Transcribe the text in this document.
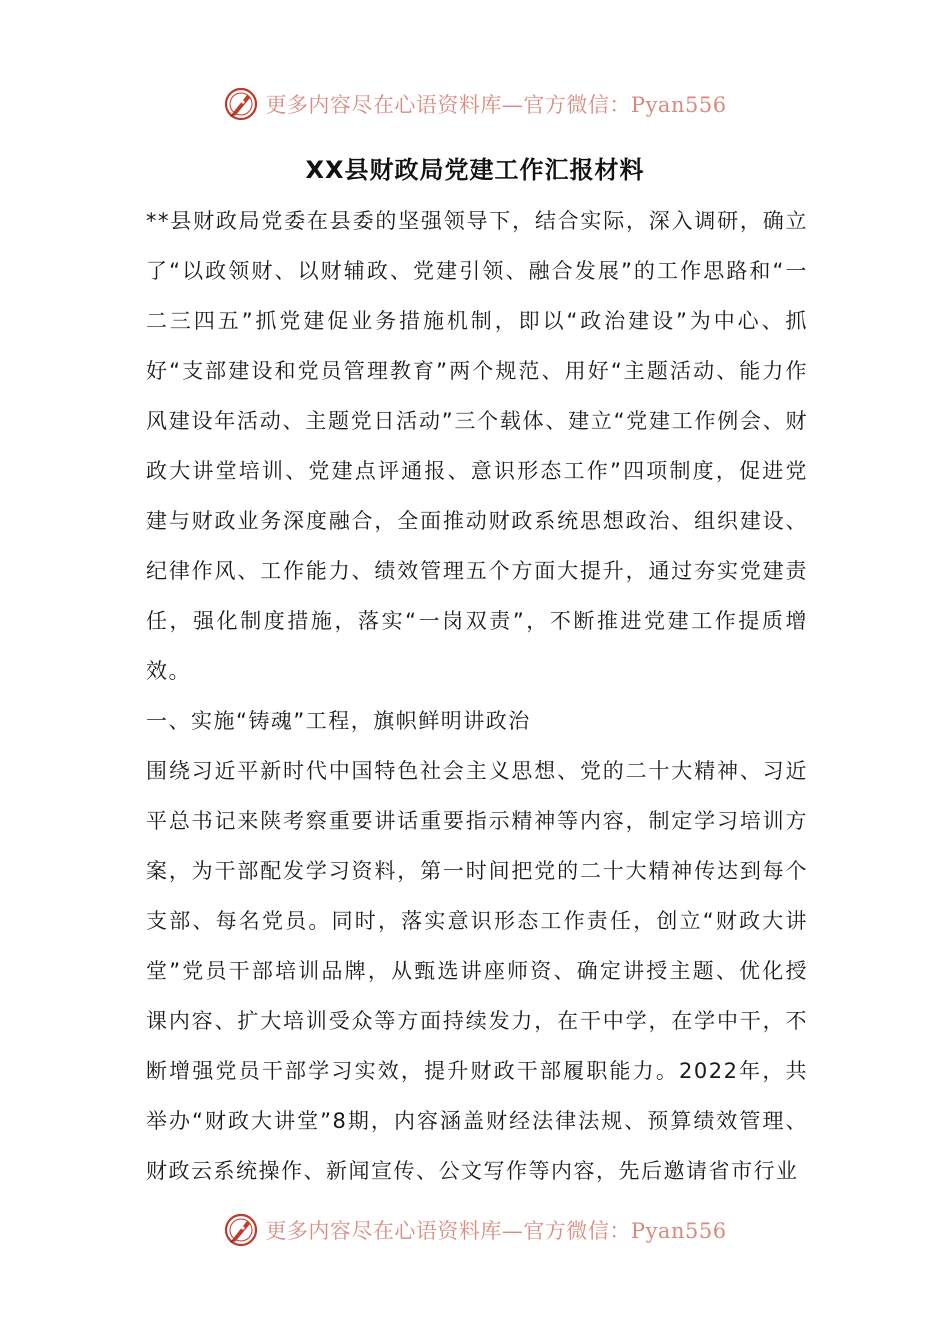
更多内容尽在心语资料库—官方微信：Pyan556
XX县财政局党建工作汇报材料

**县财政局党委在县委的坚强领导下，结合实际，深入调研，确立了“以政领财、以财辅政、党建引领、融合发展”的工作思路和“一二三四五”抓党建促业务措施机制，即以“政治建设”为中心、抓好“支部建设和党员管理教育”两个规范、用好“主题活动、能力作风建设年活动、主题党日活动”三个载体、建立“党建工作例会、财政大讲堂培训、党建点评通报、意识形态工作”四项制度，促进党建与财政业务深度融合，全面推动财政系统思想政治、组织建设、纪律作风、工作能力、绩效管理五个方面大提升，通过夯实党建责任，强化制度措施，落实“一岗双责”，不断推进党建工作提质增效。

一、实施“铸魂”工程，旗帜鲜明讲政治

围绕习近平新时代中国特色社会主义思想、党的二十大精神、习近平总书记来陕考察重要讲话重要指示精神等内容，制定学习培训方案，为干部配发学习资料，第一时间把党的二十大精神传达到每个支部、每名党员。同时，落实意识形态工作责任，创立“财政大讲堂”党员干部培训品牌，从甄选讲座师资、确定讲授主题、优化授课内容、扩大培训受众等方面持续发力，在干中学，在学中干，不断增强党员干部学习实效，提升财政干部履职能力。2022年，共举办“财政大讲堂”8期，内容涵盖财经法律法规、预算绩效管理、财政云系统操作、新闻宣传、公文写作等内容，先后邀请省市行业

更多内容尽在心语资料库—官方微信：Pyan556
